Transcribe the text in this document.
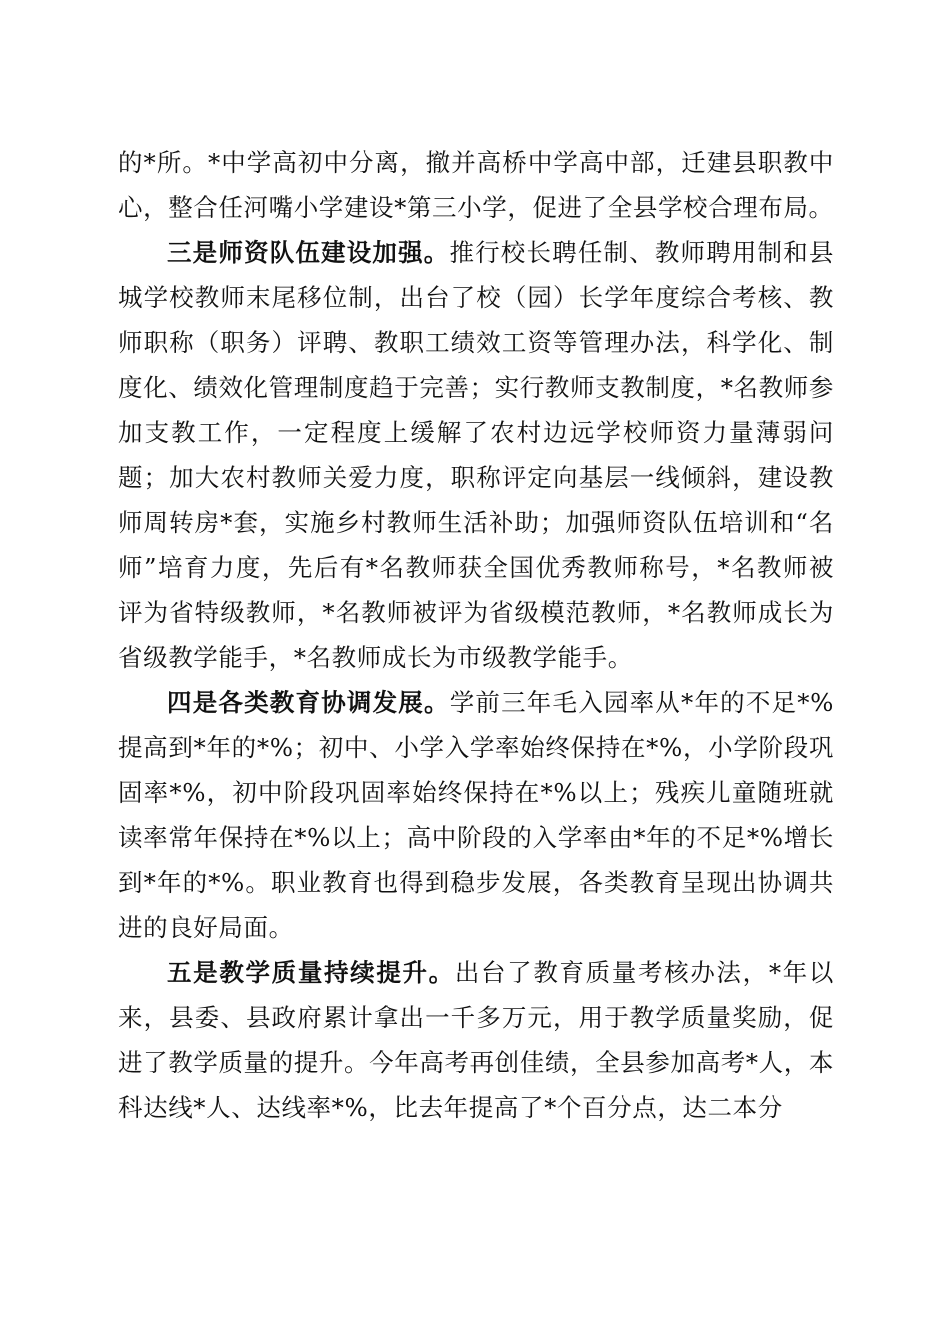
的*所。*中学高初中分离，撤并高桥中学高中部，迁建县职教中心，整合任河嘴小学建设*第三小学，促进了全县学校合理布局。

三是师资队伍建设加强。推行校长聘任制、教师聘用制和县城学校教师末尾移位制，出台了校（园）长学年度综合考核、教师职称（职务）评聘、教职工绩效工资等管理办法，科学化、制度化、绩效化管理制度趋于完善；实行教师支教制度，*名教师参加支教工作，一定程度上缓解了农村边远学校师资力量薄弱问题；加大农村教师关爱力度，职称评定向基层一线倾斜，建设教师周转房*套，实施乡村教师生活补助；加强师资队伍培训和“名师”培育力度，先后有*名教师获全国优秀教师称号，*名教师被评为省特级教师，*名教师被评为省级模范教师，*名教师成长为省级教学能手，*名教师成长为市级教学能手。

四是各类教育协调发展。学前三年毛入园率从*年的不足*%提高到*年的*%；初中、小学入学率始终保持在*%，小学阶段巩固率*%，初中阶段巩固率始终保持在*%以上；残疾儿童随班就读率常年保持在*%以上；高中阶段的入学率由*年的不足*%增长到*年的*%。职业教育也得到稳步发展，各类教育呈现出协调共进的良好局面。

五是教学质量持续提升。出台了教育质量考核办法，*年以来，县委、县政府累计拿出一千多万元，用于教学质量奖励，促进了教学质量的提升。今年高考再创佳绩，全县参加高考*人，本科达线*人、达线率*%，比去年提高了*个百分点，达二本分
